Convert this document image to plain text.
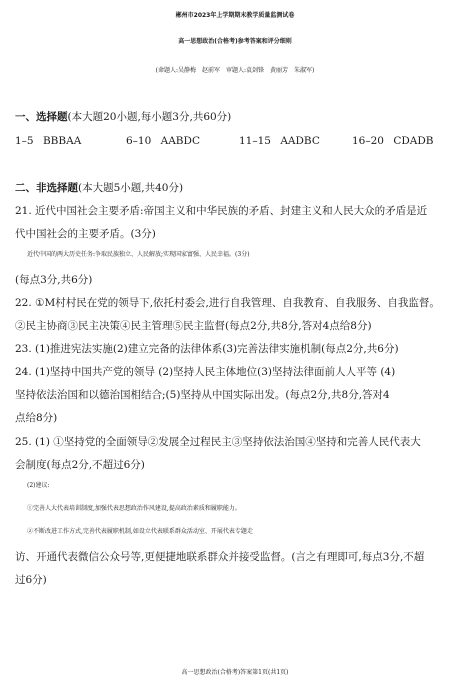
郴州市2023年上学期期末教学质量监测试卷
高一思想政治(合格考)参考答案和评分细则
(命题人:吴静梅　赵前军　审题人:袁剑锋　黄丽芳　朱淑军)
一、选择题(本大题20小题,每小题3分,共60分)
1–5 BBBAA	6–10 AABDC	11–15 AADBC	16–20 CDADB
二、非选择题(本大题5小题,共40分)
21. 近代中国社会主要矛盾:帝国主义和中华民族的矛盾、封建主义和人民大众的矛盾是近
代中国社会的主要矛盾。(3分)
近代中国的两大历史任务:争取民族独立、人民解放;实现国家富强、人民幸福。(3分)
(每点3分,共6分)
22. ①M村村民在党的领导下,依托村委会,进行自我管理、自我教育、自我服务、自我监督。
②民主协商③民主决策④民主管理⑤民主监督(每点2分,共8分,答对4点给8分)
23. (1)推进宪法实施(2)建立完备的法律体系(3)完善法律实施机制(每点2分,共6分)
24. (1)坚持中国共产党的领导 (2)坚持人民主体地位(3)坚持法律面前人人平等 (4)
坚持依法治国和以德治国相结合;(5)坚持从中国实际出发。(每点2分,共8分,答对4
点给8分)
25. (1) ①坚持党的全面领导②发展全过程民主③坚持依法治国④坚持和完善人民代表大
会制度(每点2分,不超过6分)
(2)建议:
①完善人大代表培训制度,加强代表思想政治作风建设,提高政治素质和履职能力。
②不断改进工作方式,完善代表履职机制,如设立代表联系群众活动室、开展代表专题走
访、开通代表微信公众号等,更便捷地联系群众并接受监督。(言之有理即可,每点3分,不超
过6分)
高一思想政治(合格考)答案第1页(共1页)
